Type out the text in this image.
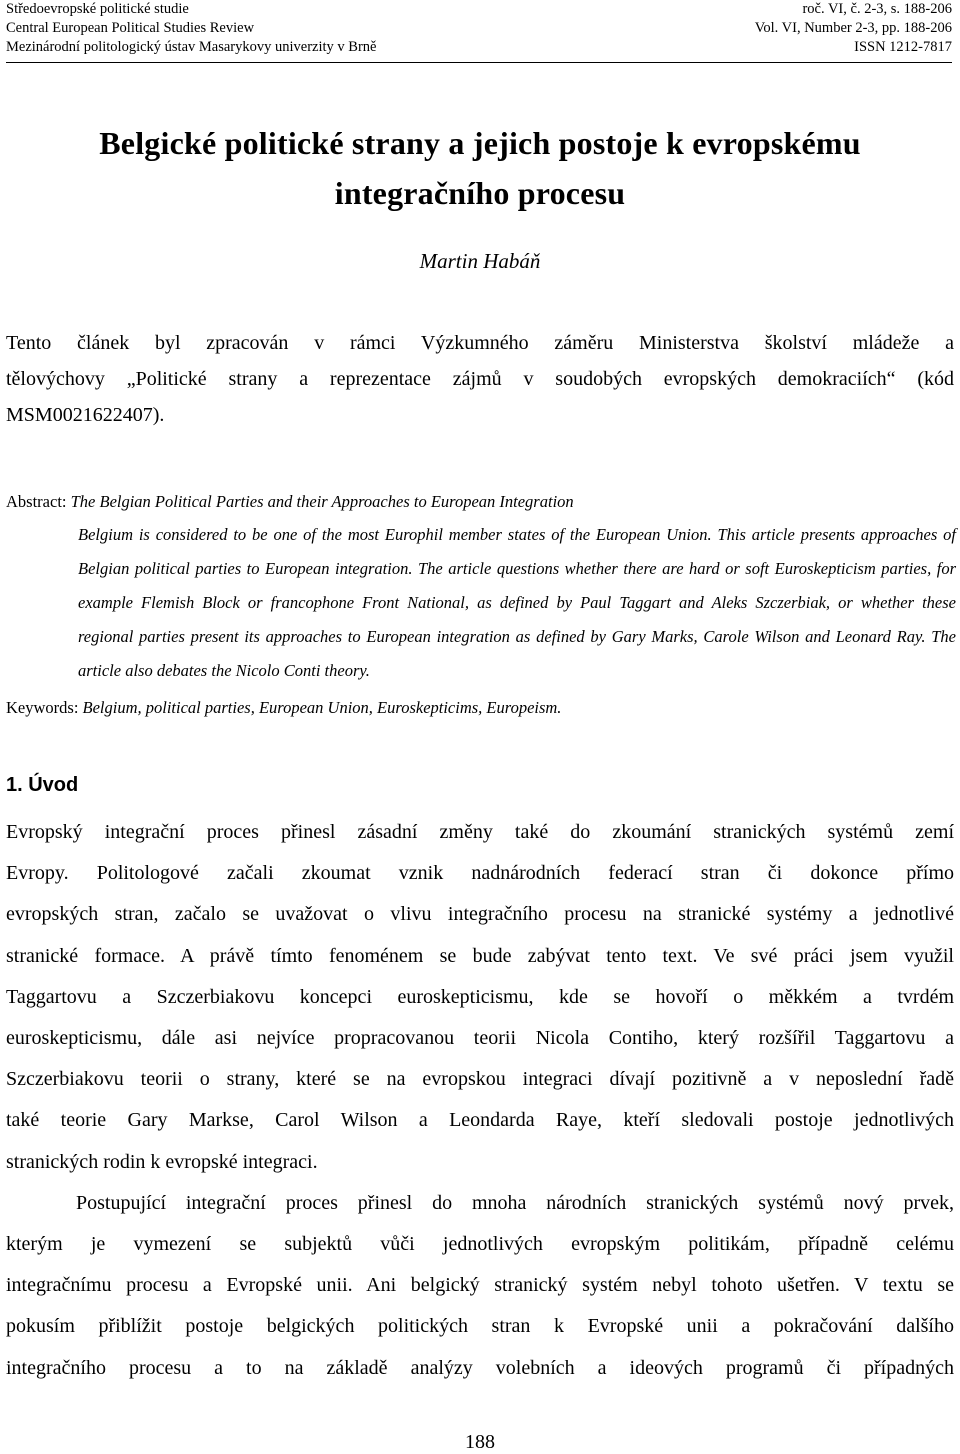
Středoevropské politické studie	roč. VI, č. 2-3, s. 188-206
Central European Political Studies Review	Vol. VI, Number 2-3, pp. 188-206
Mezinárodní politologický ústav Masarykovy univerzity v Brně	ISSN 1212-7817
Belgické politické strany a jejich postoje k evropskému
integračního procesu
Martin Habáň
Tento článek byl zpracován v rámci Výzkumného záměru Ministerstva školství mládeže a
tělovýchovy „Politické strany a reprezentace zájmů v soudobých evropských demokraciích“ (kód
MSM0021622407).
Abstract: The Belgian Political Parties and their Approaches to European Integration
Belgium is considered to be one of the most Europhil member states of the European Union. This article presents approaches of
Belgian political parties to European integration. The article questions whether there are hard or soft Euroskepticism parties, for
example Flemish Block or francophone Front National, as defined by Paul Taggart and Aleks Szczerbiak, or whether these
regional parties present its approaches to European integration as defined by Gary Marks, Carole Wilson and Leonard Ray. The
article also debates the Nicolo Conti theory.
Keywords: Belgium, political parties, European Union, Euroskepticims, Europeism.
1. Úvod
Evropský integrační proces přinesl zásadní změny také do zkoumání stranických systémů zemí
Evropy. Politologové začali zkoumat vznik nadnárodních federací stran či dokonce přímo
evropských stran, začalo se uvažovat o vlivu integračního procesu na stranické systémy a jednotlivé
stranické formace. A právě tímto fenoménem se bude zabývat tento text. Ve své práci jsem využil
Taggartovu a Szczerbiakovu koncepci euroskepticismu, kde se hovoří o měkkém a tvrdém
euroskepticismu, dále asi nejvíce propracovanou teorii Nicola Contiho, který rozšířil Taggartovu a
Szczerbiakovu teorii o strany, které se na evropskou integraci dívají pozitivně a v neposlední řadě
také teorie Gary Markse, Carol Wilson a Leondarda Raye, kteří sledovali postoje jednotlivých
stranických rodin k evropské integraci.
Postupující integrační proces přinesl do mnoha národních stranických systémů nový prvek,
kterým je vymezení se subjektů vůči jednotlivých evropským politikám, případně celému
integračnímu procesu a Evropské unii. Ani belgický stranický systém nebyl tohoto ušetřen. V textu se
pokusím přiblížit postoje belgických politických stran k Evropské unii a pokračování dalšího
integračního procesu a to na základě analýzy volebních a ideových programů či případných
188
